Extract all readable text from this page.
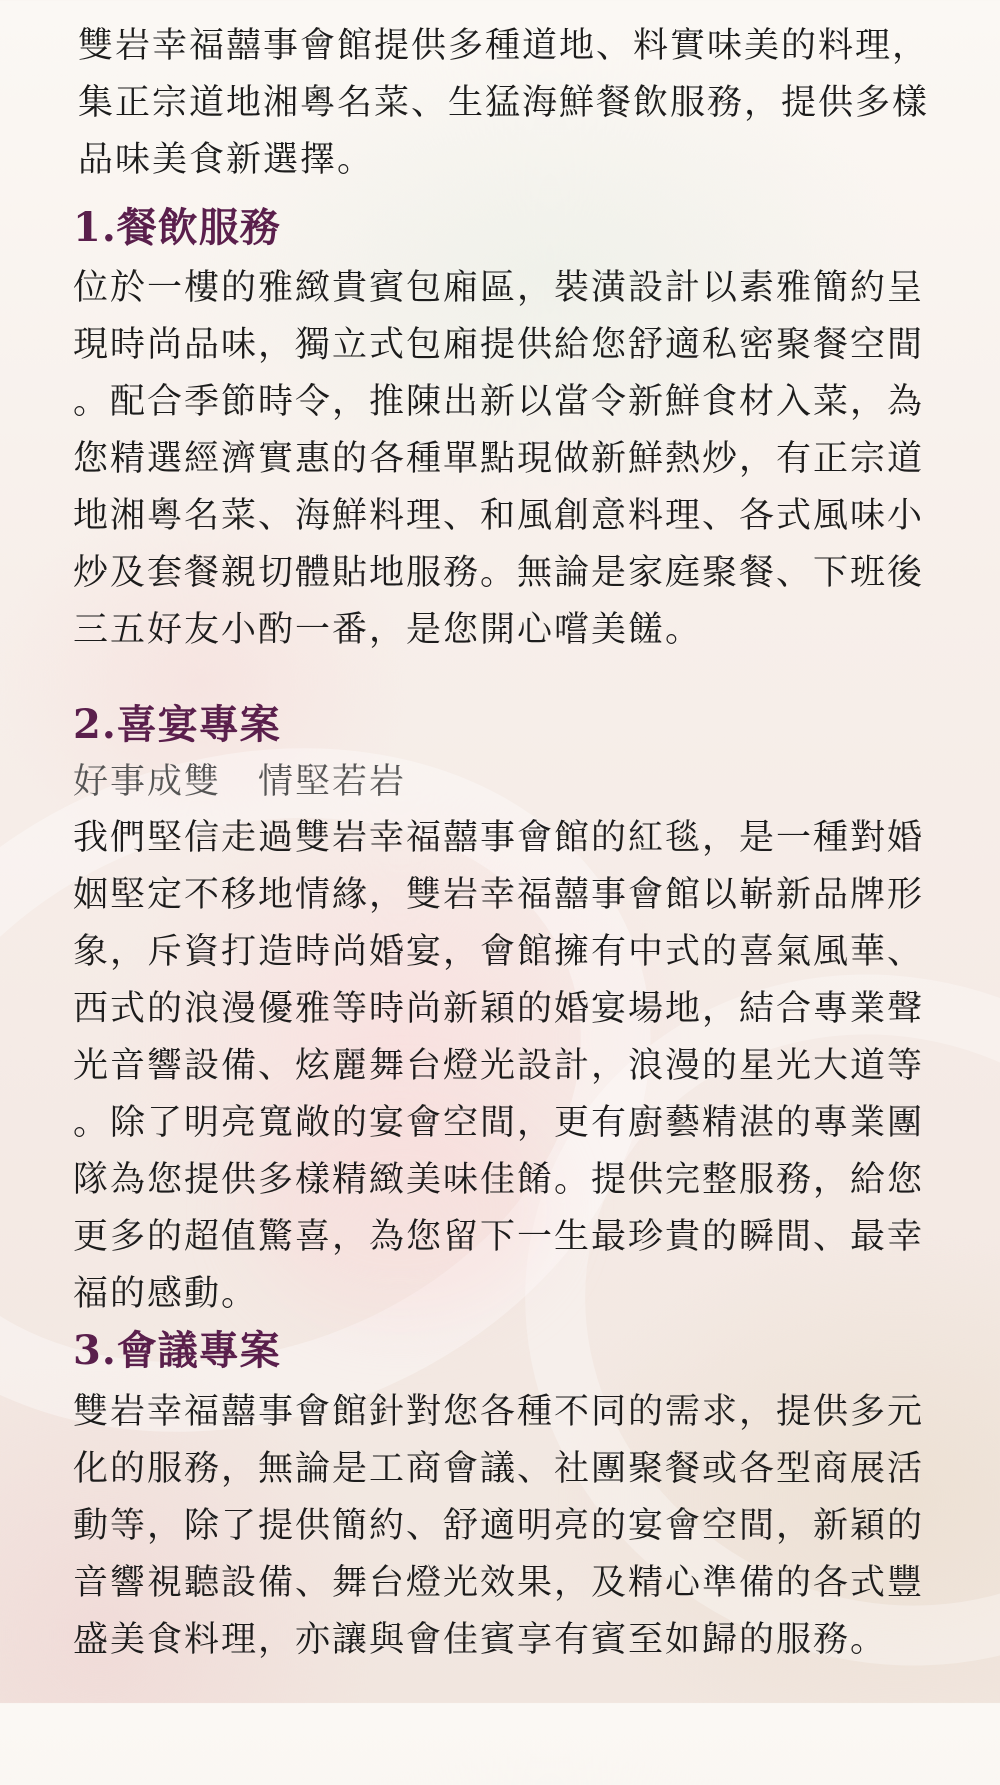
雙岩幸福囍事會館提供多種道地、料實味美的料理，
集正宗道地湘粵名菜、生猛海鮮餐飲服務，提供多樣
品味美食新選擇。

1.餐飲服務

位於一樓的雅緻貴賓包廂區，裝潢設計以素雅簡約呈
現時尚品味，獨立式包廂提供給您舒適私密聚餐空間
。配合季節時令，推陳出新以當令新鮮食材入菜，為
您精選經濟實惠的各種單點現做新鮮熱炒，有正宗道
地湘粵名菜、海鮮料理、和風創意料理、各式風味小
炒及套餐親切體貼地服務。無論是家庭聚餐、下班後
三五好友小酌一番，是您開心嚐美饈。

2.喜宴專案

好事成雙　情堅若岩

我們堅信走過雙岩幸福囍事會館的紅毯，是一種對婚
姻堅定不移地情緣，雙岩幸福囍事會館以嶄新品牌形
象，斥資打造時尚婚宴，會館擁有中式的喜氣風華、
西式的浪漫優雅等時尚新穎的婚宴場地，結合專業聲
光音響設備、炫麗舞台燈光設計，浪漫的星光大道等
。除了明亮寬敞的宴會空間，更有廚藝精湛的專業團
隊為您提供多樣精緻美味佳餚。提供完整服務，給您
更多的超值驚喜，為您留下一生最珍貴的瞬間、最幸
福的感動。

3.會議專案

雙岩幸福囍事會館針對您各種不同的需求，提供多元
化的服務，無論是工商會議、社團聚餐或各型商展活
動等，除了提供簡約、舒適明亮的宴會空間，新穎的
音響視聽設備、舞台燈光效果，及精心準備的各式豐
盛美食料理，亦讓與會佳賓享有賓至如歸的服務。
